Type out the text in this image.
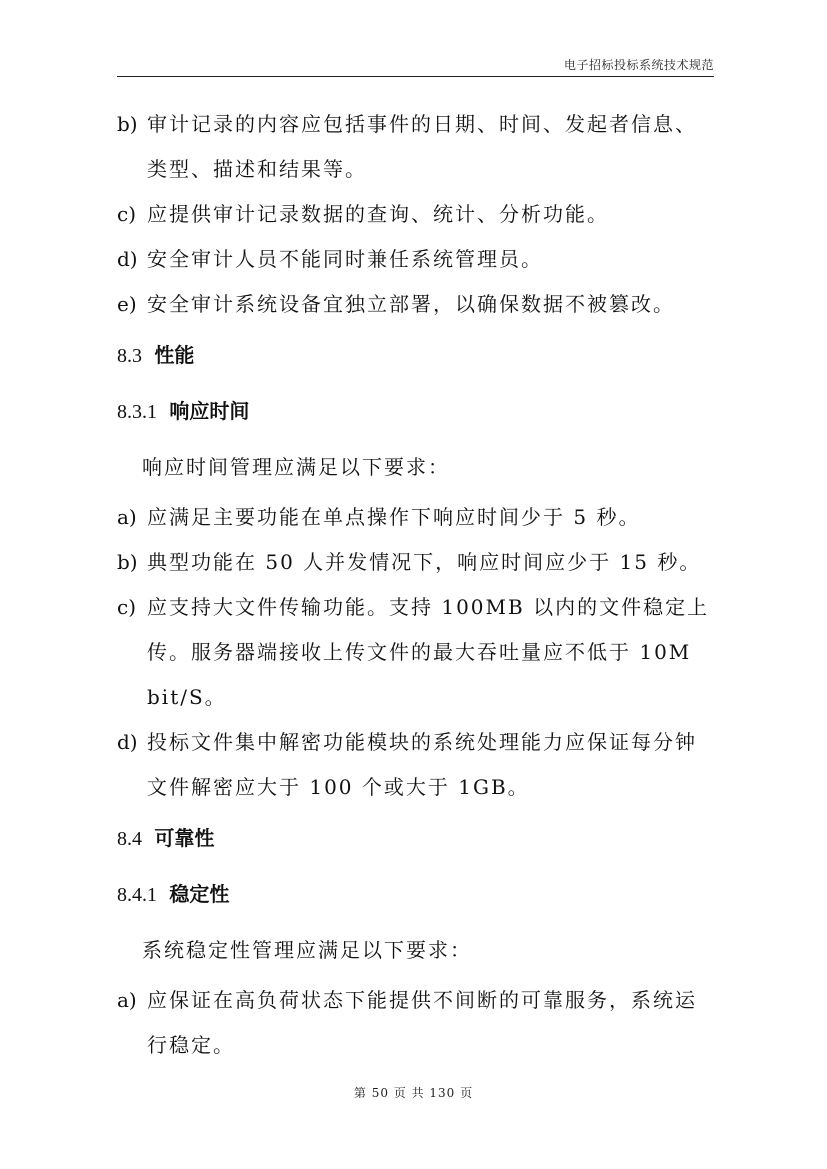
电子招标投标系统技术规范
b) 审计记录的内容应包括事件的日期、时间、发起者信息、类型、描述和结果等。
c) 应提供审计记录数据的查询、统计、分析功能。
d) 安全审计人员不能同时兼任系统管理员。
e) 安全审计系统设备宜独立部署，以确保数据不被篡改。
8.3 性能
8.3.1 响应时间
响应时间管理应满足以下要求：
a) 应满足主要功能在单点操作下响应时间少于 5 秒。
b) 典型功能在 50 人并发情况下，响应时间应少于 15 秒。
c) 应支持大文件传输功能。支持 100MB 以内的文件稳定上传。服务器端接收上传文件的最大吞吐量应不低于 10M bit/S。
d) 投标文件集中解密功能模块的系统处理能力应保证每分钟文件解密应大于 100 个或大于 1GB。
8.4 可靠性
8.4.1 稳定性
系统稳定性管理应满足以下要求：
a) 应保证在高负荷状态下能提供不间断的可靠服务，系统运行稳定。
第 50 页 共 130 页
